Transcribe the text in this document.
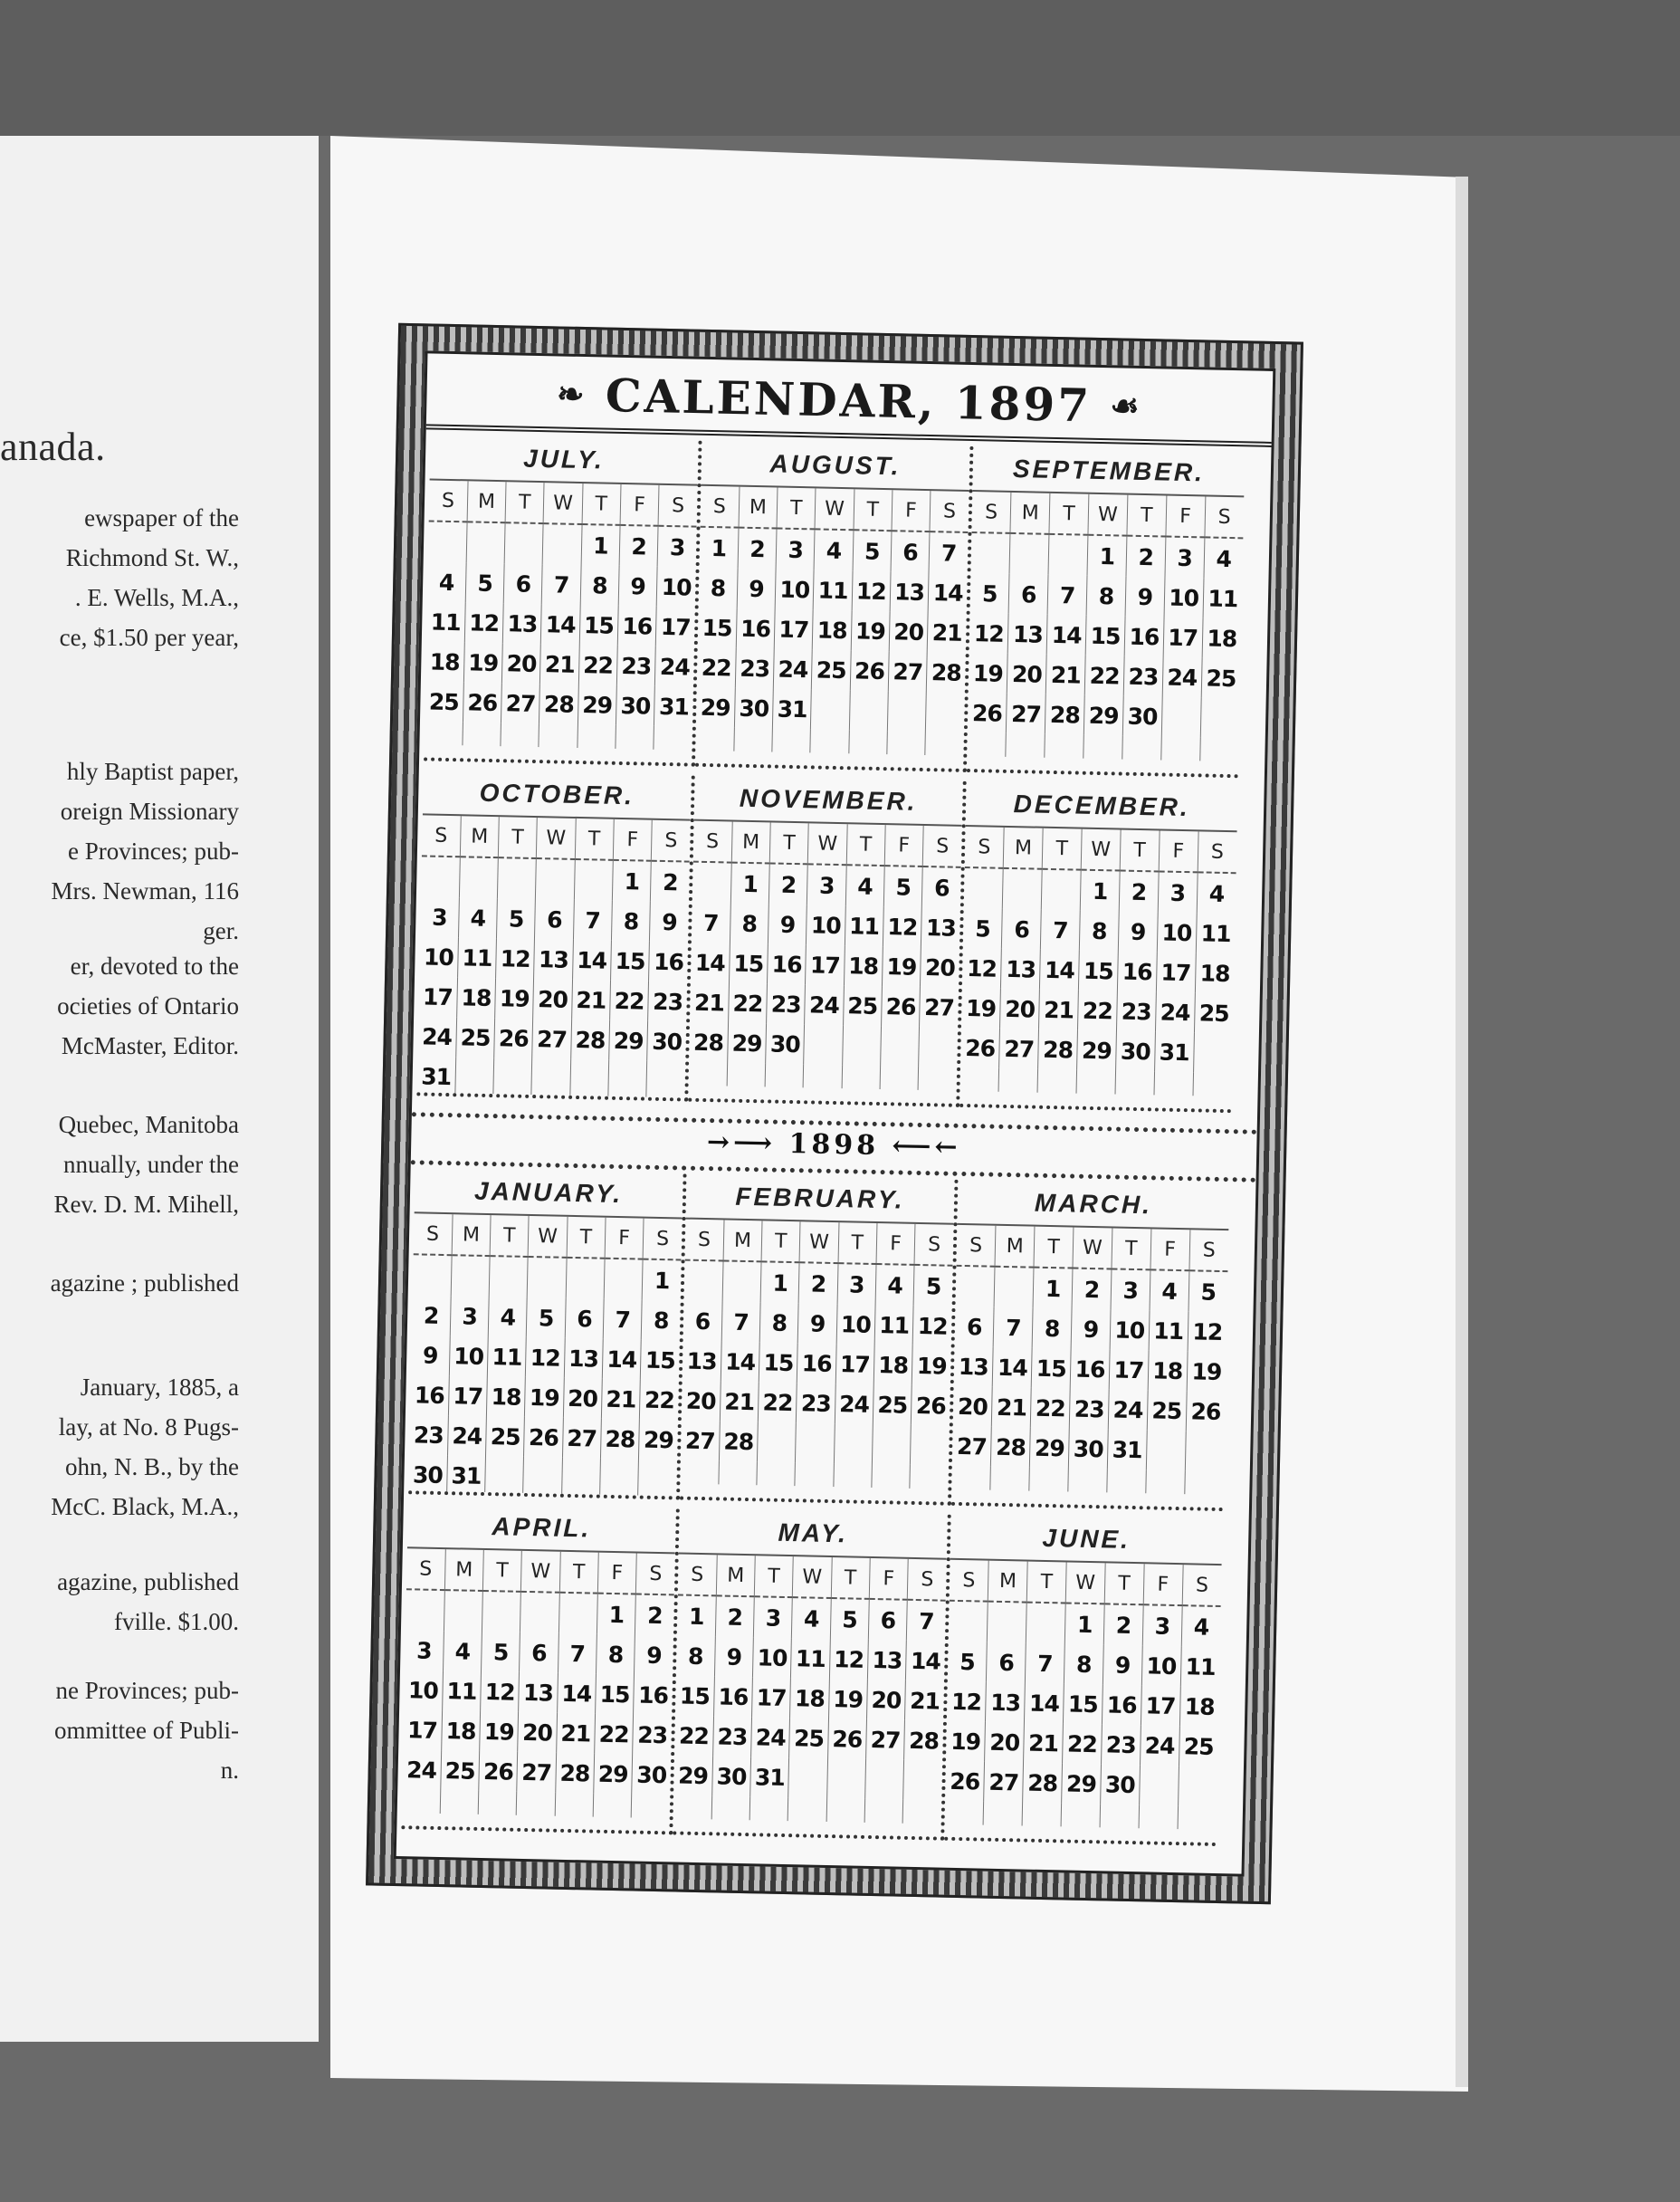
anada.
ewspaper of the
Richmond St. W.,
. E. Wells, M.A.,
ce, $1.50 per year,
hly Baptist paper,
oreign Missionary
e Provinces; pub-
Mrs. Newman, 116
ger.
er, devoted to the
ocieties of Ontario
McMaster, Editor.
Quebec, Manitoba
nnually, under the
Rev. D. M. Mihell,
agazine ; published
January, 1885, a
lay, at No. 8 Pugs-
ohn, N. B., by the
McC. Black, M.A.,
agazine, published
fville. $1.00.
ne Provinces; pub-
ommittee of Publi-
n.
❧ CALENDAR, 1897 ☙
JULY.
S	M	T	W	T	F	S
				1	2	3
4	5	6	7	8	9	10
11	12	13	14	15	16	17
18	19	20	21	22	23	24
25	26	27	28	29	30	31

AUGUST.
S	M	T	W	T	F	S
1	2	3	4	5	6	7
8	9	10	11	12	13	14
15	16	17	18	19	20	21
22	23	24	25	26	27	28
29	30	31				

SEPTEMBER.
S	M	T	W	T	F	S
			1	2	3	4
5	6	7	8	9	10	11
12	13	14	15	16	17	18
19	20	21	22	23	24	25
26	27	28	29	30		

OCTOBER.
S	M	T	W	T	F	S
					1	2
3	4	5	6	7	8	9
10	11	12	13	14	15	16
17	18	19	20	21	22	23
24	25	26	27	28	29	30
31						

NOVEMBER.
S	M	T	W	T	F	S
	1	2	3	4	5	6
7	8	9	10	11	12	13
14	15	16	17	18	19	20
21	22	23	24	25	26	27
28	29	30				

DECEMBER.
S	M	T	W	T	F	S
			1	2	3	4
5	6	7	8	9	10	11
12	13	14	15	16	17	18
19	20	21	22	23	24	25
26	27	28	29	30	31	

JANUARY.
S	M	T	W	T	F	S
						1
2	3	4	5	6	7	8
9	10	11	12	13	14	15
16	17	18	19	20	21	22
23	24	25	26	27	28	29
30	31					

FEBRUARY.
S	M	T	W	T	F	S
		1	2	3	4	5
6	7	8	9	10	11	12
13	14	15	16	17	18	19
20	21	22	23	24	25	26
27	28					

MARCH.
S	M	T	W	T	F	S
		1	2	3	4	5
6	7	8	9	10	11	12
13	14	15	16	17	18	19
20	21	22	23	24	25	26
27	28	29	30	31		

APRIL.
S	M	T	W	T	F	S
					1	2
3	4	5	6	7	8	9
10	11	12	13	14	15	16
17	18	19	20	21	22	23
24	25	26	27	28	29	30

MAY.
S	M	T	W	T	F	S
1	2	3	4	5	6	7
8	9	10	11	12	13	14
15	16	17	18	19	20	21
22	23	24	25	26	27	28
29	30	31				

JUNE.
S	M	T	W	T	F	S
			1	2	3	4
5	6	7	8	9	10	11
12	13	14	15	16	17	18
19	20	21	22	23	24	25
26	27	28	29	30		

→⟶ 1898 ⟵←
